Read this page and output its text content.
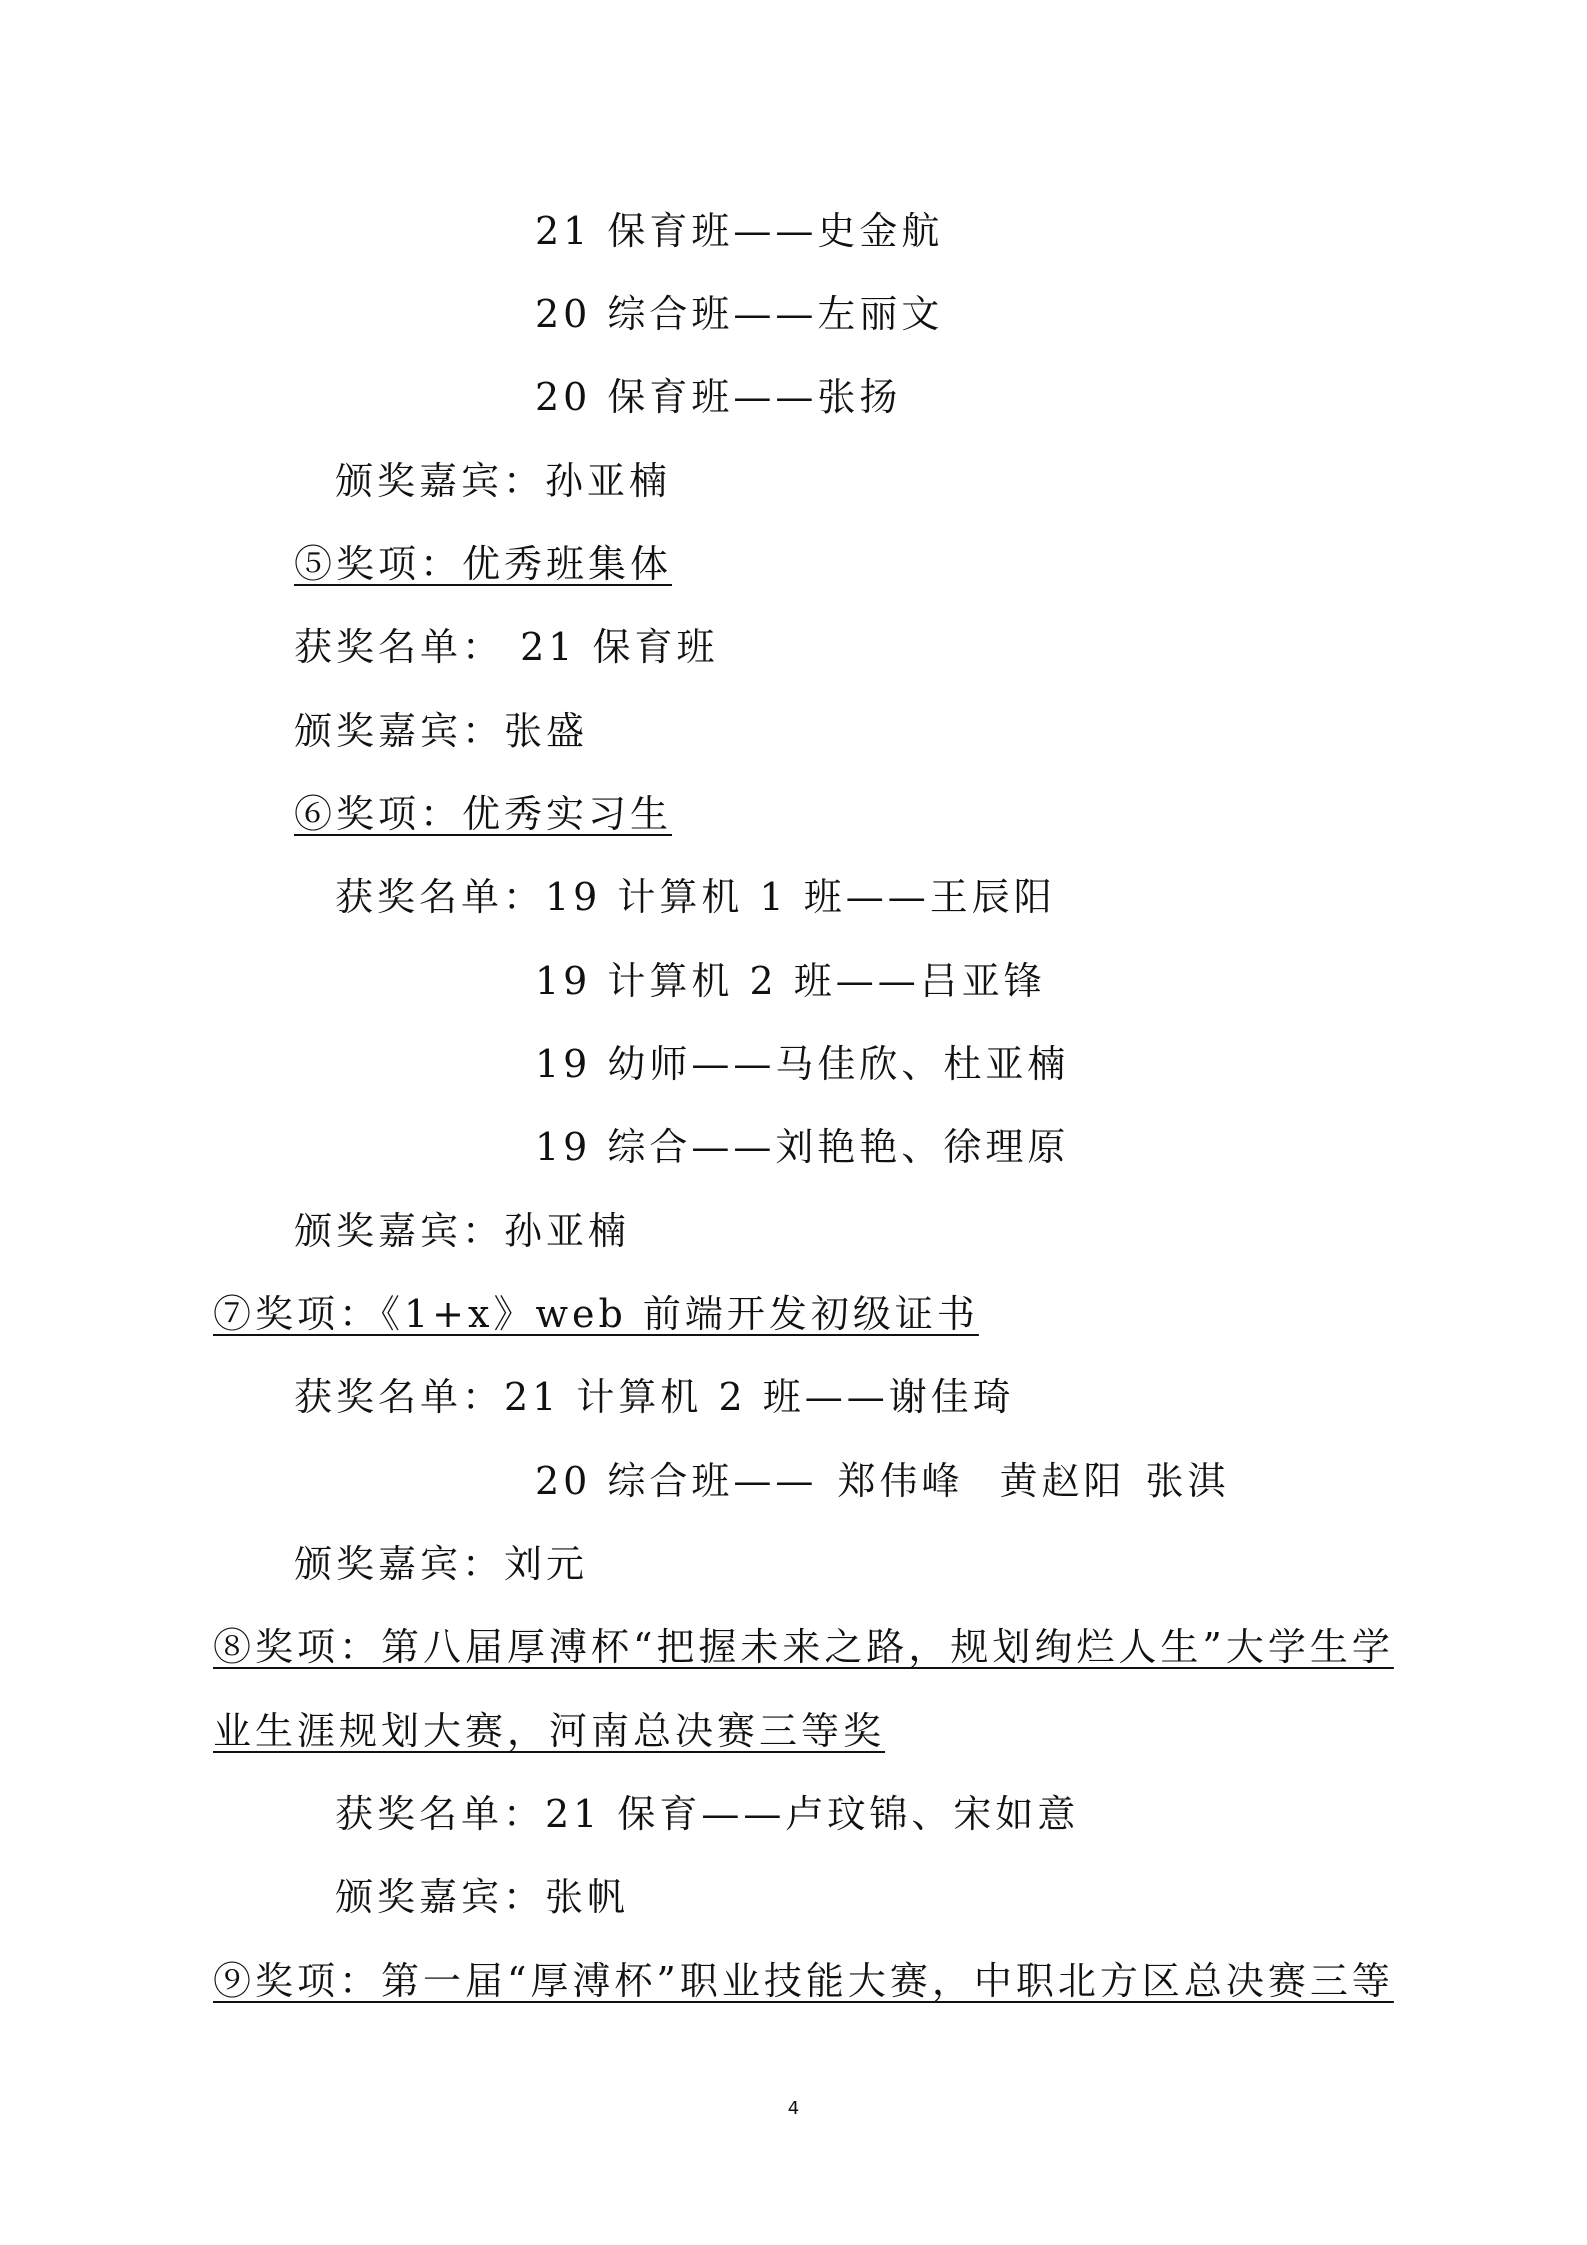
21 保育班——史金航
20 综合班——左丽文
20 保育班——张扬
颁奖嘉宾：孙亚楠
⑤奖项：优秀班集体
获奖名单： 21 保育班
颁奖嘉宾：张盛
⑥奖项：优秀实习生
获奖名单：19 计算机 1 班——王辰阳
19 计算机 2 班——吕亚锋
19 幼师——马佳欣、杜亚楠
19 综合——刘艳艳、徐理原
颁奖嘉宾：孙亚楠
⑦奖项：《1+x》web 前端开发初级证书
获奖名单：21 计算机 2 班——谢佳琦
20 综合班—— 郑伟峰 黄赵阳 张淇
颁奖嘉宾：刘元
⑧奖项：第八届厚溥杯“把握未来之路，规划绚烂人生”大学生学
业生涯规划大赛，河南总决赛三等奖
获奖名单：21 保育——卢玟锦、宋如意
颁奖嘉宾：张帆
⑨奖项：第一届“厚溥杯”职业技能大赛，中职北方区总决赛三等
4
